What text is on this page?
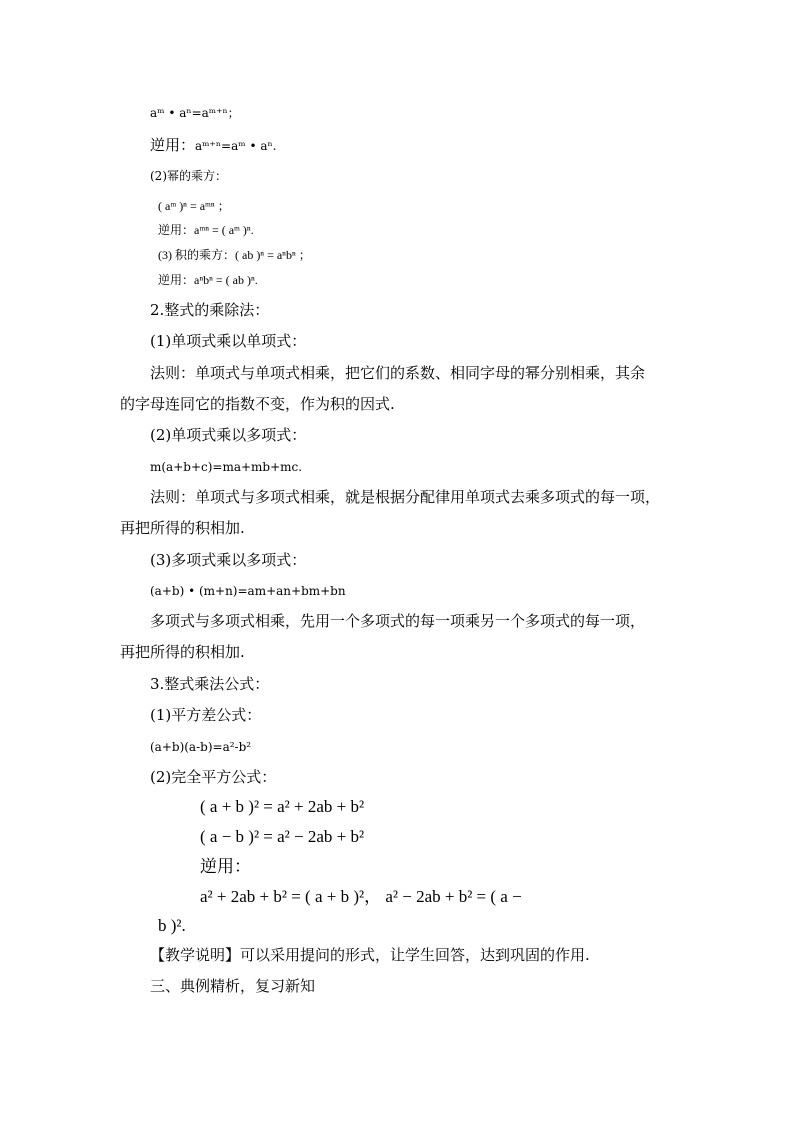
aᵐ • aⁿ=aᵐ⁺ⁿ；
逆用：aᵐ⁺ⁿ=aᵐ • aⁿ.
(2)幂的乘方：
( aᵐ )ⁿ = aᵐⁿ ；
逆用：aᵐⁿ = ( aᵐ )ⁿ.
(3) 积的乘方：( ab )ⁿ = aⁿbⁿ ；
逆用：aⁿbⁿ = ( ab )ⁿ.
2.整式的乘除法：
(1)单项式乘以单项式：
法则：单项式与单项式相乘，把它们的系数、相同字母的幂分别相乘，其余
的字母连同它的指数不变，作为积的因式.
(2)单项式乘以多项式：
m(a+b+c)=ma+mb+mc.
法则：单项式与多项式相乘，就是根据分配律用单项式去乘多项式的每一项，
再把所得的积相加.
(3)多项式乘以多项式：
(a+b) • (m+n)=am+an+bm+bn
多项式与多项式相乘，先用一个多项式的每一项乘另一个多项式的每一项，
再把所得的积相加.
3.整式乘法公式：
(1)平方差公式：
(a+b)(a-b)=a²-b²
(2)完全平方公式：
( a + b )² = a² + 2ab + b²
( a − b )² = a² − 2ab + b²
逆用：
a² + 2ab + b² = ( a + b )²， a² − 2ab + b² = ( a −
b )².
【教学说明】可以采用提问的形式，让学生回答，达到巩固的作用.
三、典例精析，复习新知
